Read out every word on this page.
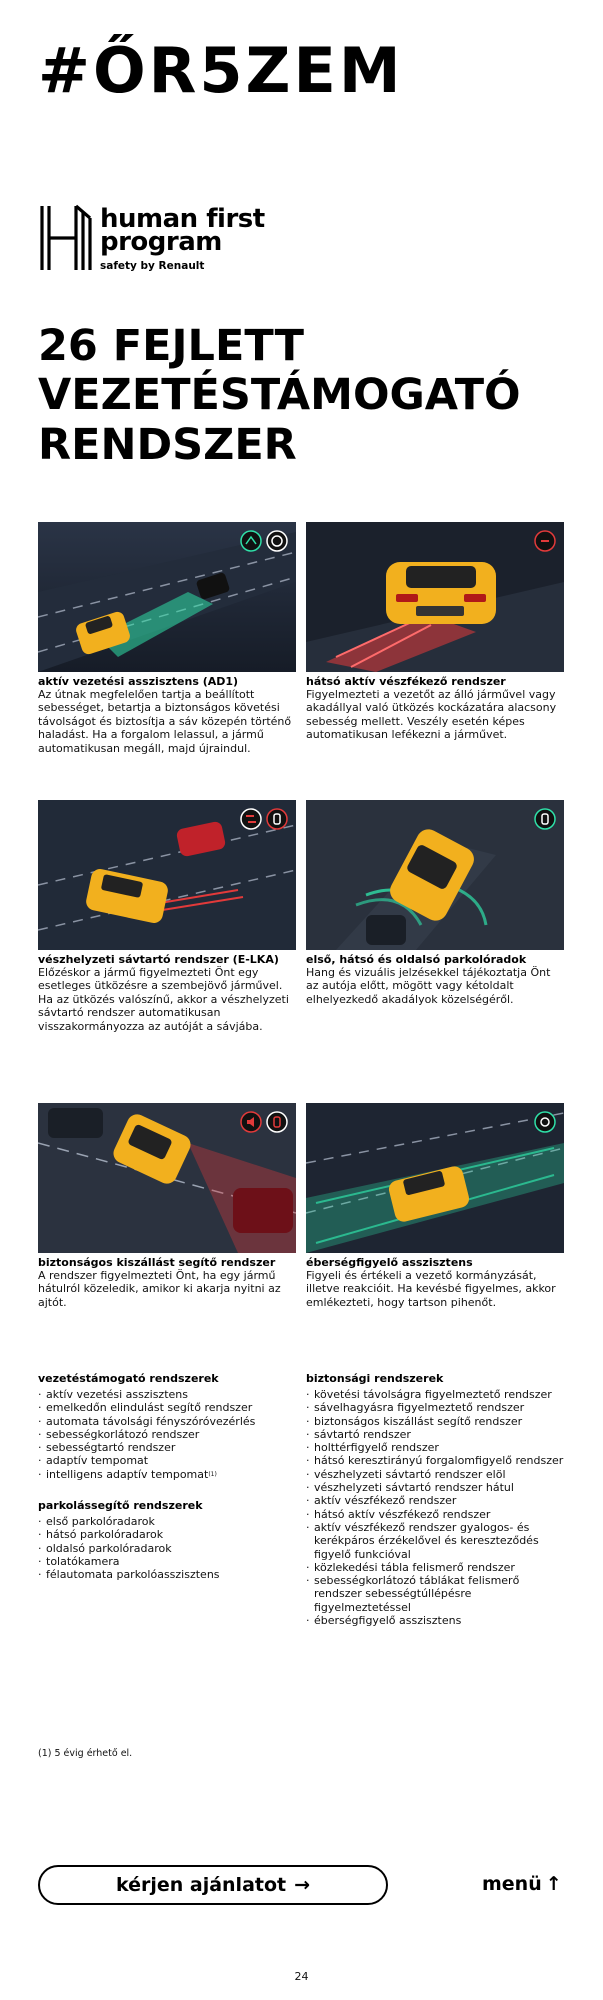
#ŐR5ZEM
human first
program
safety by Renault
26 FEJLETT
VEZETÉSTÁMOGATÓ
RENDSZER
aktív vezetési asszisztens (AD1)
Az útnak megfelelően tartja a beállított sebességet, betartja a biztonságos követési távolságot és biztosítja a sáv közepén történő haladást. Ha a forgalom lelassul, a jármű automatikusan megáll, majd újraindul.
hátsó aktív vészfékező rendszer
Figyelmezteti a vezetőt az álló járművel vagy akadállyal való ütközés kockázatára alacsony sebesség mellett. Veszély esetén képes automatikusan lefékezni a járművet.
vészhelyzeti sávtartó rendszer (E-LKA)
Előzéskor a jármű figyelmezteti Önt egy esetleges ütközésre a szembejövő járművel. Ha az ütközés valószínű, akkor a vészhelyzeti sávtartó rendszer automatikusan visszakormányozza az autóját a sávjába.
első, hátsó és oldalsó parkolóradok
Hang és vizuális jelzésekkel tájékoztatja Önt az autója előtt, mögött vagy kétoldalt elhelyezkedő akadályok közelségéről.
biztonságos kiszállást segítő rendszer
A rendszer figyelmezteti Önt, ha egy jármű hátulról közeledik, amikor ki akarja nyitni az ajtót.
éberségfigyelő asszisztens
Figyeli és értékeli a vezető kormányzását, illetve reakcióit. Ha kevésbé figyelmes, akkor emlékezteti, hogy tartson pihenőt.
vezetéstámogató rendszerek
· aktív vezetési asszisztens
· emelkedőn elindulást segítő rendszer
· automata távolsági fényszóróvezérlés
· sebességkorlátozó rendszer
· sebességtartó rendszer
· adaptív tempomat
· intelligens adaptív tempomat$^{(1)}$
parkolássegítő rendszerek
· első parkolóradarok
· hátsó parkolóradarok
· oldalsó parkolóradarok
· tolatókamera
· félautomata parkolóasszisztens
biztonsági rendszerek
· követési távolságra figyelmeztető rendszer
· sávelhagyásra figyelmeztető rendszer
· biztonságos kiszállást segítő rendszer
· sávtartó rendszer
· holttérfigyelő rendszer
· hátsó keresztirányú forgalomfigyelő rendszer
· vészhelyzeti sávtartó rendszer elöl
· vészhelyzeti sávtartó rendszer hátul
· aktív vészfékező rendszer
· hátsó aktív vészfékező rendszer
· aktív vészfékező rendszer gyalogos- és kerékpáros érzékelővel és kereszteződés figyelő funkcióval
· közlekedési tábla felismerő rendszer
· sebességkorlátozó táblákat felismerő rendszer sebességtúllépésre figyelmeztetéssel
· éberségfigyelő asszisztens
(1) 5 évig érhető el.
kérjen ajánlatot →	menü ↑
24
